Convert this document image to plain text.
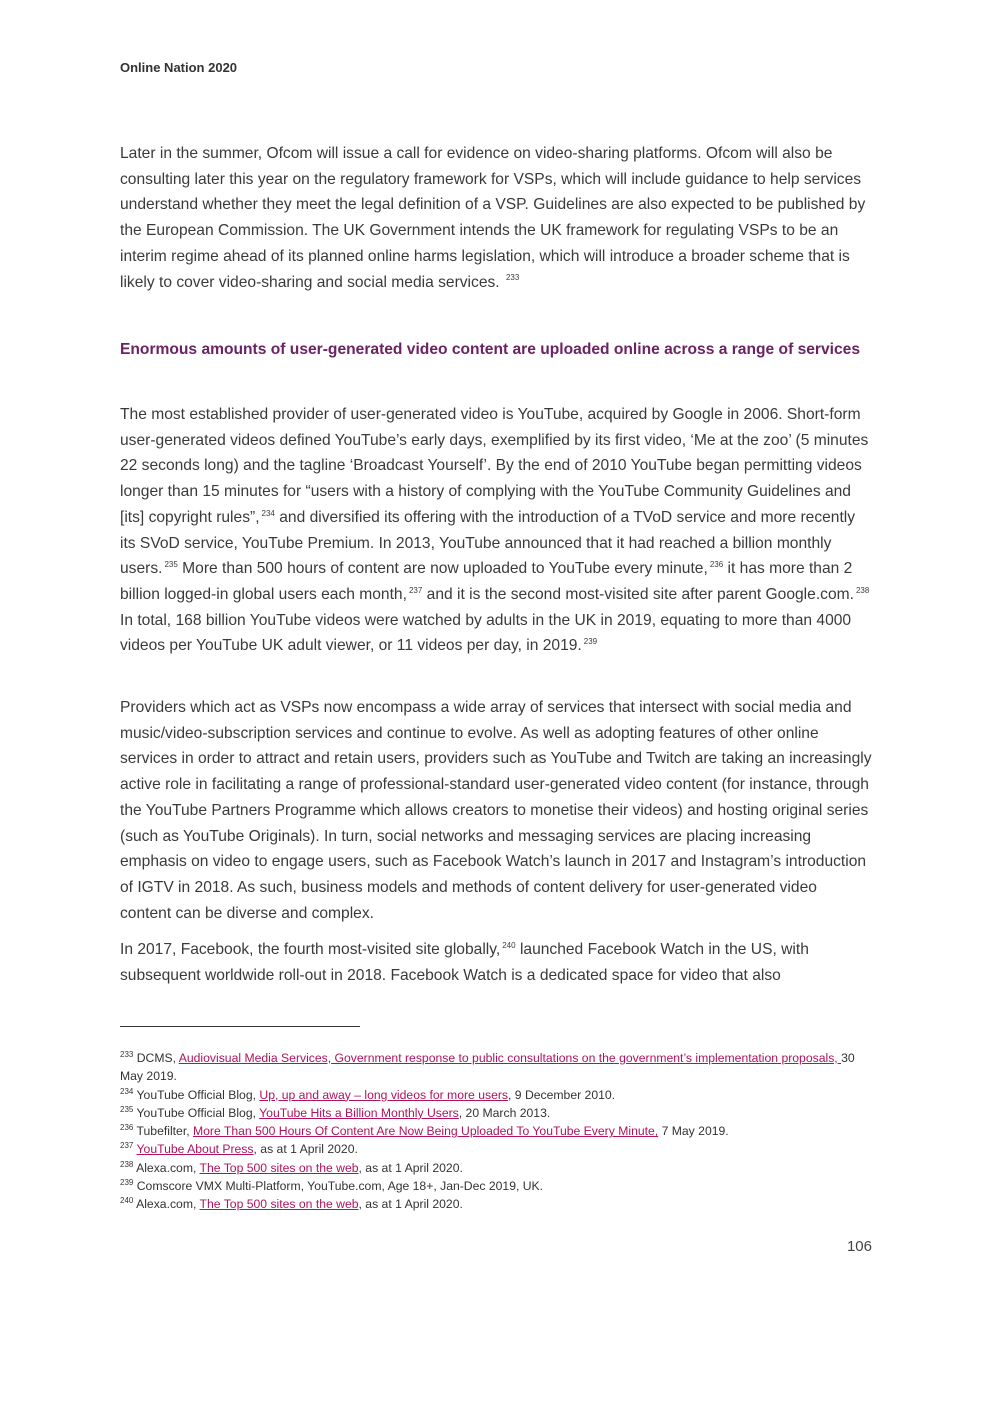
Online Nation 2020

Later in the summer, Ofcom will issue a call for evidence on video-sharing platforms. Ofcom will also be consulting later this year on the regulatory framework for VSPs, which will include guidance to help services understand whether they meet the legal definition of a VSP. Guidelines are also expected to be published by the European Commission. The UK Government intends the UK framework for regulating VSPs to be an interim regime ahead of its planned online harms legislation, which will introduce a broader scheme that is likely to cover video-sharing and social media services. $^{233}$

Enormous amounts of user-generated video content are uploaded online across a range of services

The most established provider of user-generated video is YouTube, acquired by Google in 2006. Short-form user-generated videos defined YouTube’s early days, exemplified by its first video, ‘Me at the zoo’ (5 minutes 22 seconds long) and the tagline ‘Broadcast Yourself’. By the end of 2010 YouTube began permitting videos longer than 15 minutes for “users with a history of complying with the YouTube Community Guidelines and [its] copyright rules”, $^{234}$ and diversified its offering with the introduction of a TVoD service and more recently its SVoD service, YouTube Premium. In 2013, YouTube announced that it had reached a billion monthly users. $^{235}$ More than 500 hours of content are now uploaded to YouTube every minute, $^{236}$ it has more than 2 billion logged-in global users each month, $^{237}$ and it is the second most-visited site after parent Google.com. $^{238}$ In total, 168 billion YouTube videos were watched by adults in the UK in 2019, equating to more than 4000 videos per YouTube UK adult viewer, or 11 videos per day, in 2019. $^{239}$

Providers which act as VSPs now encompass a wide array of services that intersect with social media and music/video-subscription services and continue to evolve. As well as adopting features of other online services in order to attract and retain users, providers such as YouTube and Twitch are taking an increasingly active role in facilitating a range of professional-standard user-generated video content (for instance, through the YouTube Partners Programme which allows creators to monetise their videos) and hosting original series (such as YouTube Originals). In turn, social networks and messaging services are placing increasing emphasis on video to engage users, such as Facebook Watch’s launch in 2017 and Instagram’s introduction of IGTV in 2018. As such, business models and methods of content delivery for user-generated video content can be diverse and complex.

In 2017, Facebook, the fourth most-visited site globally, $^{240}$ launched Facebook Watch in the US, with subsequent worldwide roll-out in 2018. Facebook Watch is a dedicated space for video that also

$^{233}$ DCMS, Audiovisual Media Services, Government response to public consultations on the government’s implementation proposals, 30 May 2019.

$^{234}$ YouTube Official Blog, Up, up and away – long videos for more users, 9 December 2010.

$^{235}$ YouTube Official Blog, YouTube Hits a Billion Monthly Users, 20 March 2013.

$^{236}$ Tubefilter, More Than 500 Hours Of Content Are Now Being Uploaded To YouTube Every Minute, 7 May 2019.

$^{237}$ YouTube About Press, as at 1 April 2020.

$^{238}$ Alexa.com, The Top 500 sites on the web, as at 1 April 2020.

$^{239}$ Comscore VMX Multi-Platform, YouTube.com, Age 18+, Jan-Dec 2019, UK.

$^{240}$ Alexa.com, The Top 500 sites on the web, as at 1 April 2020.

106
